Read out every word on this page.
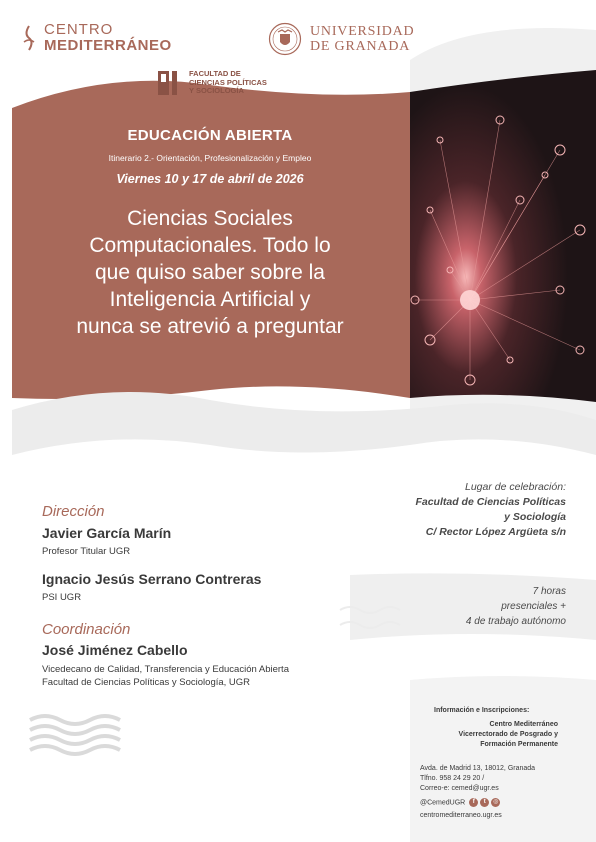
CENTRO
MEDITERRÁNEO
UNIVERSIDAD
DE GRANADA
FACULTAD DE
CIENCIAS POLÍTICAS
Y SOCIOLOGÍA
EDUCACIÓN ABIERTA
Itinerario 2.- Orientación, Profesionalización y Empleo
Viernes 10 y 17 de abril de 2026
Ciencias Sociales
Computacionales. Todo lo
que quiso saber sobre la
Inteligencia Artificial y
nunca se atrevió a preguntar
Lugar de celebración:
Facultad de Ciencias Políticas
y Sociología
C/ Rector López Argüeta s/n
7 horas
presenciales +
4 de trabajo autónomo
Dirección
Javier García Marín
Profesor Titular UGR
Ignacio Jesús Serrano Contreras
PSI UGR
Coordinación
José Jiménez Cabello
Vicedecano de Calidad, Transferencia y Educación Abierta
Facultad de Ciencias Políticas y Sociología, UGR
Información e Inscripciones:
Centro Mediterráneo
Vicerrectorado de Posgrado y
Formación Permanente
Avda. de Madrid 13, 18012, Granada
Tlfno. 958 24 29 20 /
Correo-e: cemed@ugr.es
@CemedUGR	f	t	◎
centromediterraneo.ugr.es
